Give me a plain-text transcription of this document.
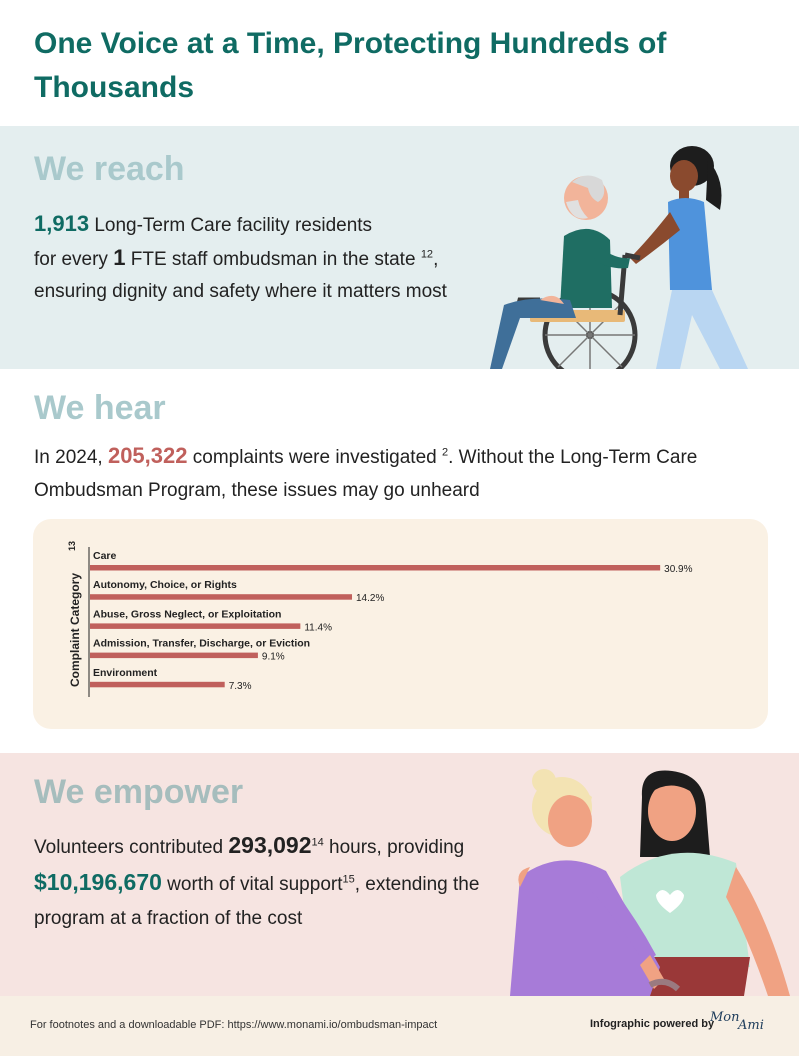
One Voice at a Time, Protecting Hundreds of Thousands
We reach
1,913 Long-Term Care facility residents
for every 1 FTE staff ombudsman in the state $^{12}$,
ensuring dignity and safety where it matters most
We hear
In 2024, 205,322 complaints were investigated $^2$. Without the Long-Term Care Ombudsman Program, these issues may go unheard
Complaint Category
13
Care
30.9%
Autonomy, Choice, or Rights
14.2%
Abuse, Gross Neglect, or Exploitation
11.4%
Admission, Transfer, Discharge, or Eviction
9.1%
Environment
7.3%
We empower
Volunteers contributed 293,092$^{14}$ hours, providing
$10,196,670 worth of vital support$^{15}$, extending the program at a fraction of the cost
For footnotes and a downloadable PDF: https://www.monami.io/ombudsman-impact	Infographic powered by
Mon
Ami
